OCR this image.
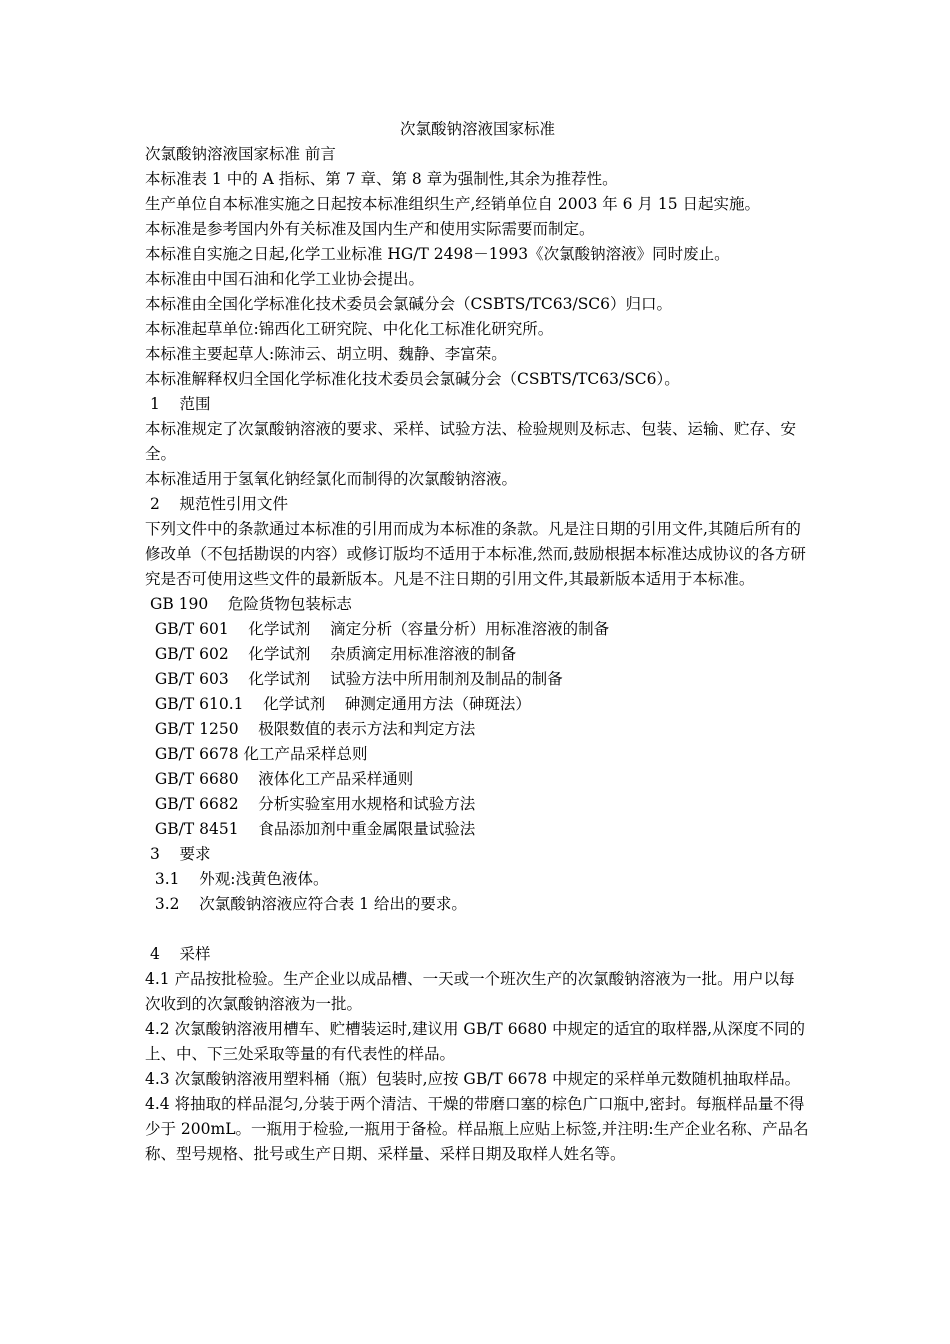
次氯酸钠溶液国家标准

次氯酸钠溶液国家标准 前言
本标准表 1 中的 A 指标、第 7 章、第 8 章为强制性,其余为推荐性。
生产单位自本标准实施之日起按本标准组织生产,经销单位自 2003 年 6 月 15 日起实施。
本标准是参考国内外有关标准及国内生产和使用实际需要而制定。
本标准自实施之日起,化学工业标准 HG/T 2498－1993《次氯酸钠溶液》同时废止。
本标准由中国石油和化学工业协会提出。
本标准由全国化学标准化技术委员会氯碱分会（CSBTS/TC63/SC6）归口。
本标准起草单位:锦西化工研究院、中化化工标准化研究所。
本标准主要起草人:陈沛云、胡立明、魏静、李富荣。
本标准解释权归全国化学标准化技术委员会氯碱分会（CSBTS/TC63/SC6）。
1    范围
本标准规定了次氯酸钠溶液的要求、采样、试验方法、检验规则及标志、包装、运输、贮存、安全。
本标准适用于氢氧化钠经氯化而制得的次氯酸钠溶液。
2    规范性引用文件
下列文件中的条款通过本标准的引用而成为本标准的条款。凡是注日期的引用文件,其随后所有的修改单（不包括勘误的内容）或修订版均不适用于本标准,然而,鼓励根据本标准达成协议的各方研究是否可使用这些文件的最新版本。凡是不注日期的引用文件,其最新版本适用于本标准。
GB 190    危险货物包装标志
GB/T 601    化学试剂    滴定分析（容量分析）用标准溶液的制备
GB/T 602    化学试剂    杂质滴定用标准溶液的制备
GB/T 603    化学试剂    试验方法中所用制剂及制品的制备
GB/T 610.1    化学试剂    砷测定通用方法（砷斑法）
GB/T 1250    极限数值的表示方法和判定方法
GB/T 6678 化工产品采样总则
GB/T 6680    液体化工产品采样通则
GB/T 6682    分析实验室用水规格和试验方法
GB/T 8451    食品添加剂中重金属限量试验法
3    要求
3.1    外观:浅黄色液体。
3.2    次氯酸钠溶液应符合表 1 给出的要求。
4    采样
4.1 产品按批检验。生产企业以成品槽、一天或一个班次生产的次氯酸钠溶液为一批。用户以每次收到的次氯酸钠溶液为一批。
4.2 次氯酸钠溶液用槽车、贮槽装运时,建议用 GB/T 6680 中规定的适宜的取样器,从深度不同的上、中、下三处采取等量的有代表性的样品。
4.3 次氯酸钠溶液用塑料桶（瓶）包装时,应按 GB/T 6678 中规定的采样单元数随机抽取样品。
4.4 将抽取的样品混匀,分装于两个清洁、干燥的带磨口塞的棕色广口瓶中,密封。每瓶样品量不得少于 200mL。一瓶用于检验,一瓶用于备检。样品瓶上应贴上标签,并注明:生产企业名称、产品名称、型号规格、批号或生产日期、采样量、采样日期及取样人姓名等。
